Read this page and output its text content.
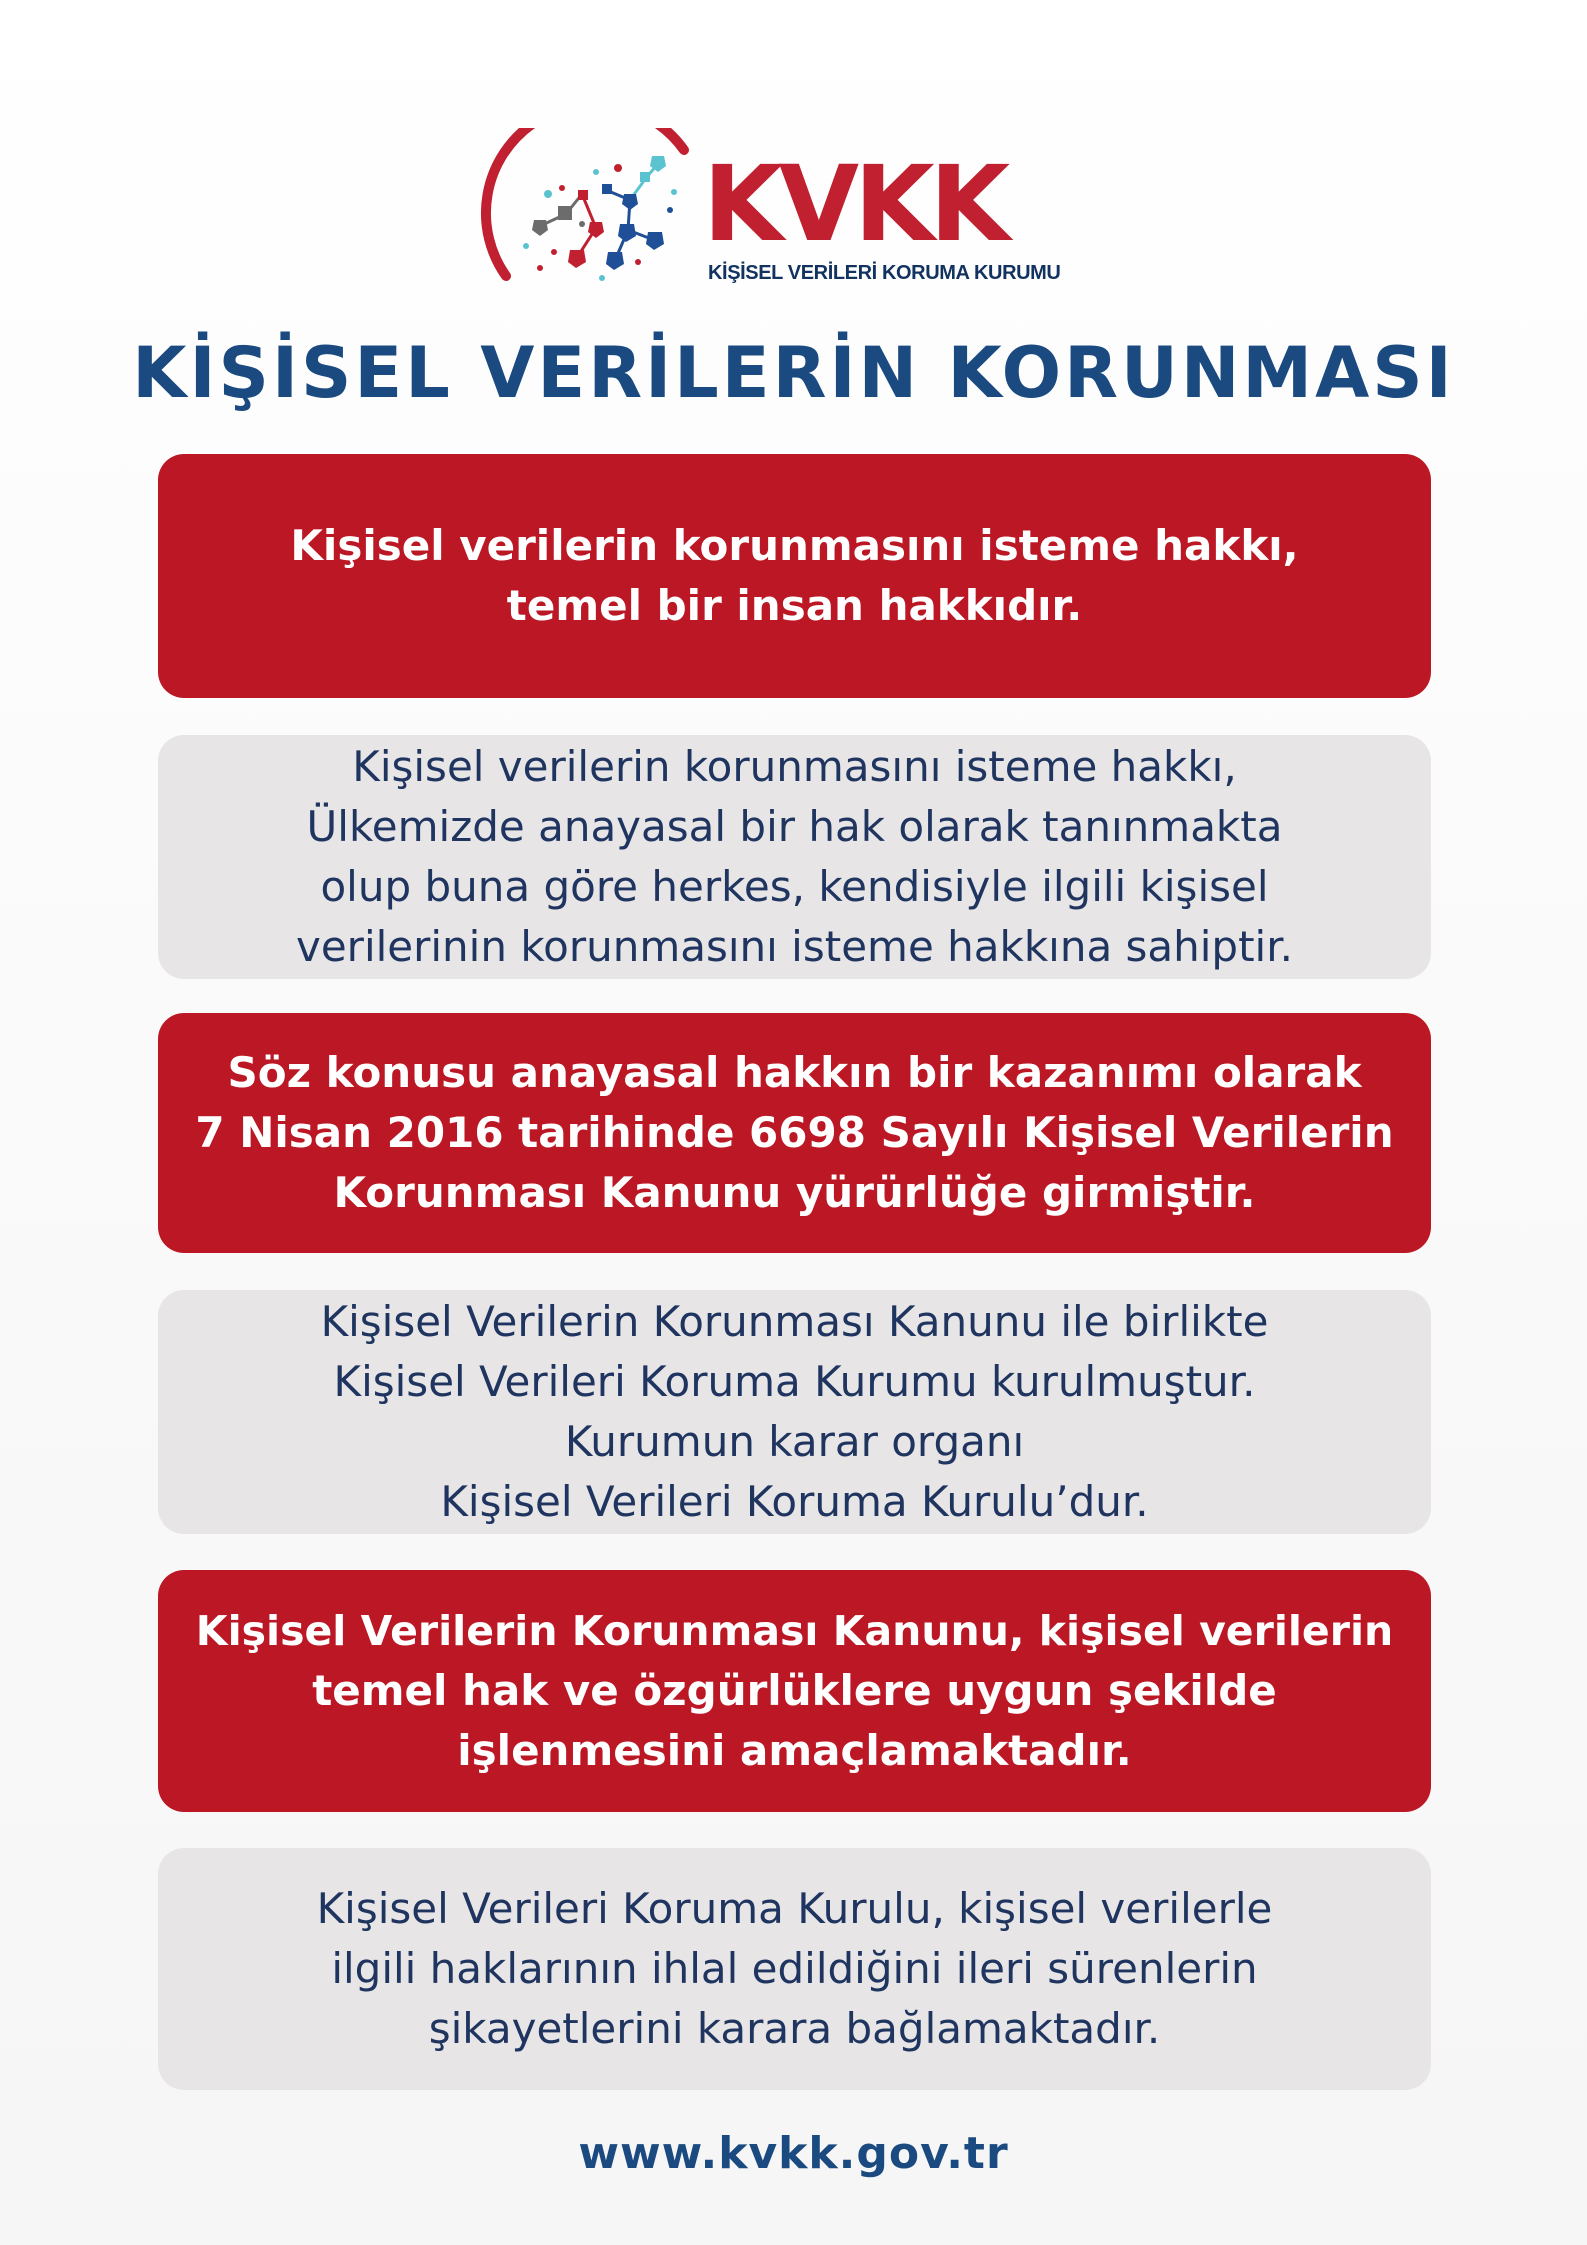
KVKK

KİŞİSEL VERİLERİ KORUMA KURUMU

KİŞİSEL VERİLERİN KORUNMASI
Kişisel verilerin korunmasını isteme hakkı,
temel bir insan hakkıdır.
Kişisel verilerin korunmasını isteme hakkı,
Ülkemizde anayasal bir hak olarak tanınmakta
olup buna göre herkes, kendisiyle ilgili kişisel
verilerinin korunmasını isteme hakkına sahiptir.
Söz konusu anayasal hakkın bir kazanımı olarak
7 Nisan 2016 tarihinde 6698 Sayılı Kişisel Verilerin
Korunması Kanunu yürürlüğe girmiştir.
Kişisel Verilerin Korunması Kanunu ile birlikte
Kişisel Verileri Koruma Kurumu kurulmuştur.
Kurumun karar organı
Kişisel Verileri Koruma Kurulu’dur.
Kişisel Verilerin Korunması Kanunu, kişisel verilerin
temel hak ve özgürlüklere uygun şekilde
işlenmesini amaçlamaktadır.
Kişisel Verileri Koruma Kurulu, kişisel verilerle
ilgili haklarının ihlal edildiğini ileri sürenlerin
şikayetlerini karara bağlamaktadır.
www.kvkk.gov.tr
